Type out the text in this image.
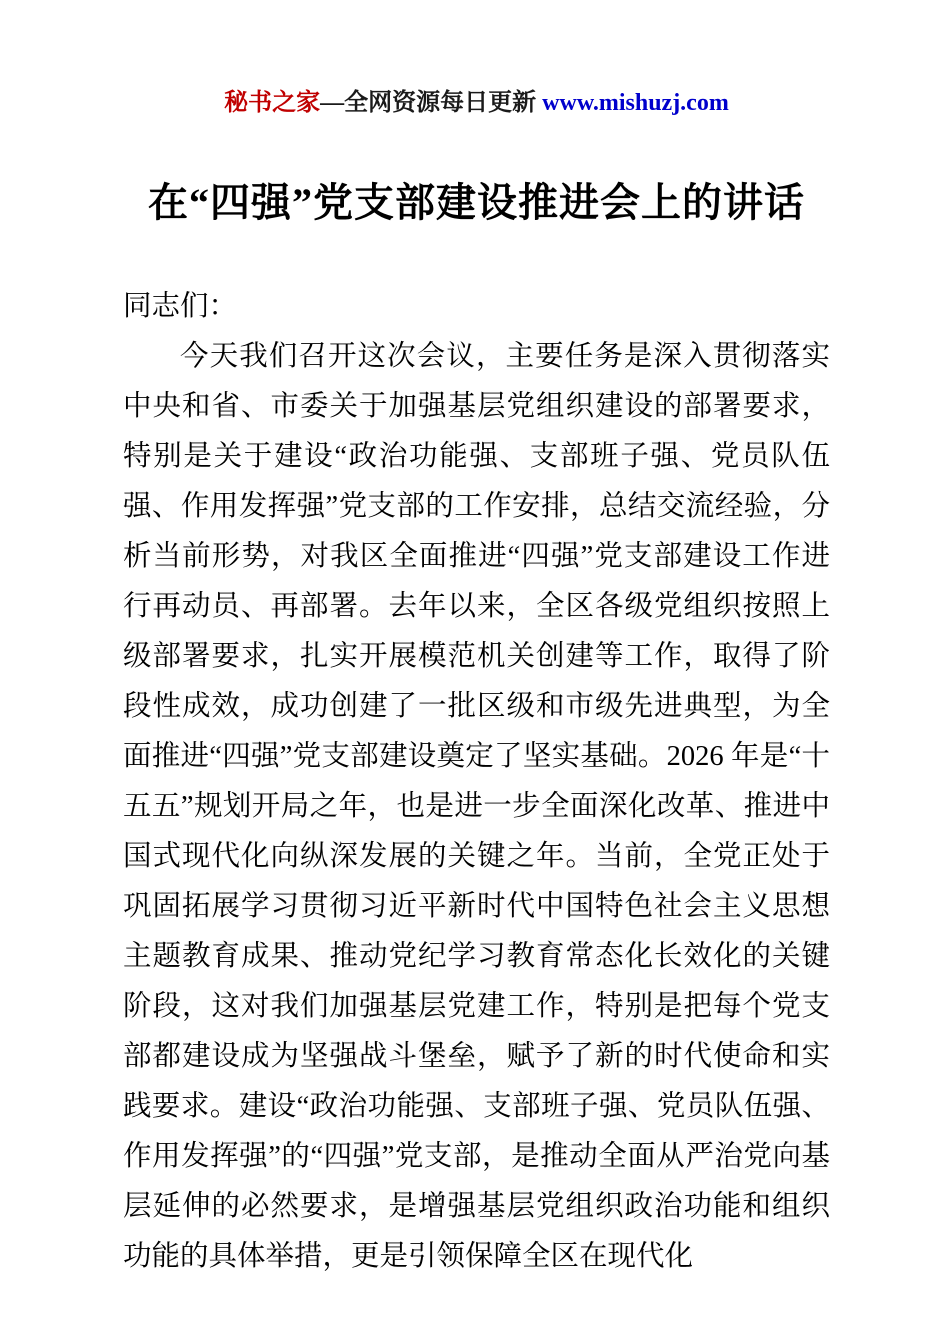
秘书之家—全网资源每日更新 www.mishuzj.com
在“四强”党支部建设推进会上的讲话

同志们：

今天我们召开这次会议，主要任务是深入贯彻落实中央和省、市委关于加强基层党组织建设的部署要求，特别是关于建设“政治功能强、支部班子强、党员队伍强、作用发挥强”党支部的工作安排，总结交流经验，分析当前形势，对我区全面推进“四强”党支部建设工作进行再动员、再部署。去年以来，全区各级党组织按照上级部署要求，扎实开展模范机关创建等工作，取得了阶段性成效，成功创建了一批区级和市级先进典型，为全面推进“四强”党支部建设奠定了坚实基础。2026 年是“十五五”规划开局之年，也是进一步全面深化改革、推进中国式现代化向纵深发展的关键之年。当前，全党正处于巩固拓展学习贯彻习近平新时代中国特色社会主义思想主题教育成果、推动党纪学习教育常态化长效化的关键阶段，这对我们加强基层党建工作，特别是把每个党支部都建设成为坚强战斗堡垒，赋予了新的时代使命和实践要求。建设“政治功能强、支部班子强、党员队伍强、作用发挥强”的“四强”党支部，是推动全面从严治党向基层延伸的必然要求，是增强基层党组织政治功能和组织功能的具体举措，更是引领保障全区在现代化
